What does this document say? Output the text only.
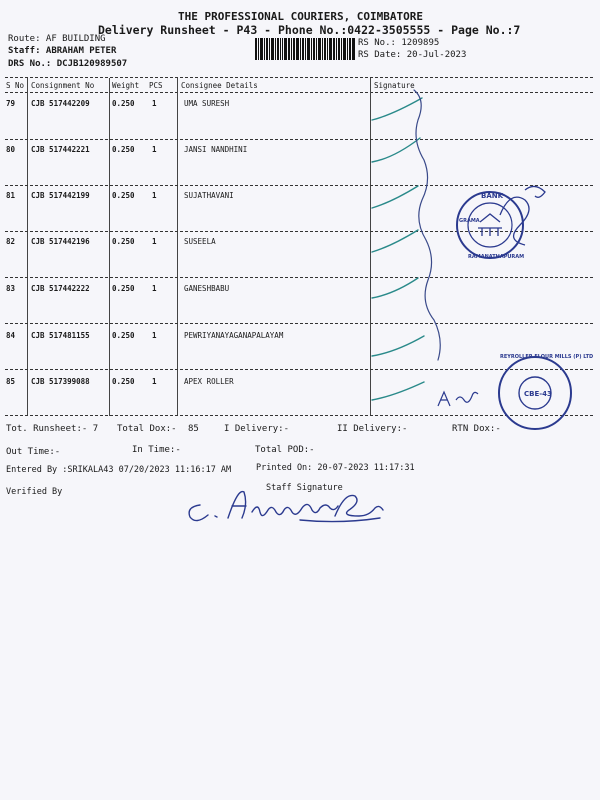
THE PROFESSIONAL COURIERS, COIMBATORE
Delivery Runsheet - P43 - Phone No.:0422-3505555 - Page No.:7
Route: AF BUILDING
Staff: ABRAHAM PETER
DRS No.: DCJB120989507
RS No.: 1209895
RS Date: 20-Jul-2023
S No Consignment No Weight PCS Consignee Details	Signature
79 CJB 517442209	0.250 1	UMA SURESH
80 CJB 517442221	0.250 1	JANSI NANDHINI
81 CJB 517442199	0.250 1	SUJATHAVANI
82 CJB 517442196	0.250 1	SUSEELA
83 CJB 517442222	0.250 1	GANESHBABU
84 CJB 517481155	0.250 1	PEWRIYANAYAGANAPALAYAM
85 CJB 517399088	0.250 1	APEX ROLLER
Tot. Runsheet:- 7 Total Dox:- 85	I Delivery:-	II Delivery:-	RTN Dox:-
Out Time:-	In Time:-	Total POD:-
Entered By :SRIKALA43 07/20/2023 11:16:17 AM	Printed On: 20-07-2023 11:17:31
Verified By	Staff Signature
BANK
RAMANATHAPURAM
GRAMA
REYROLLER FLOUR MILLS (P) LTD
CBE-43
